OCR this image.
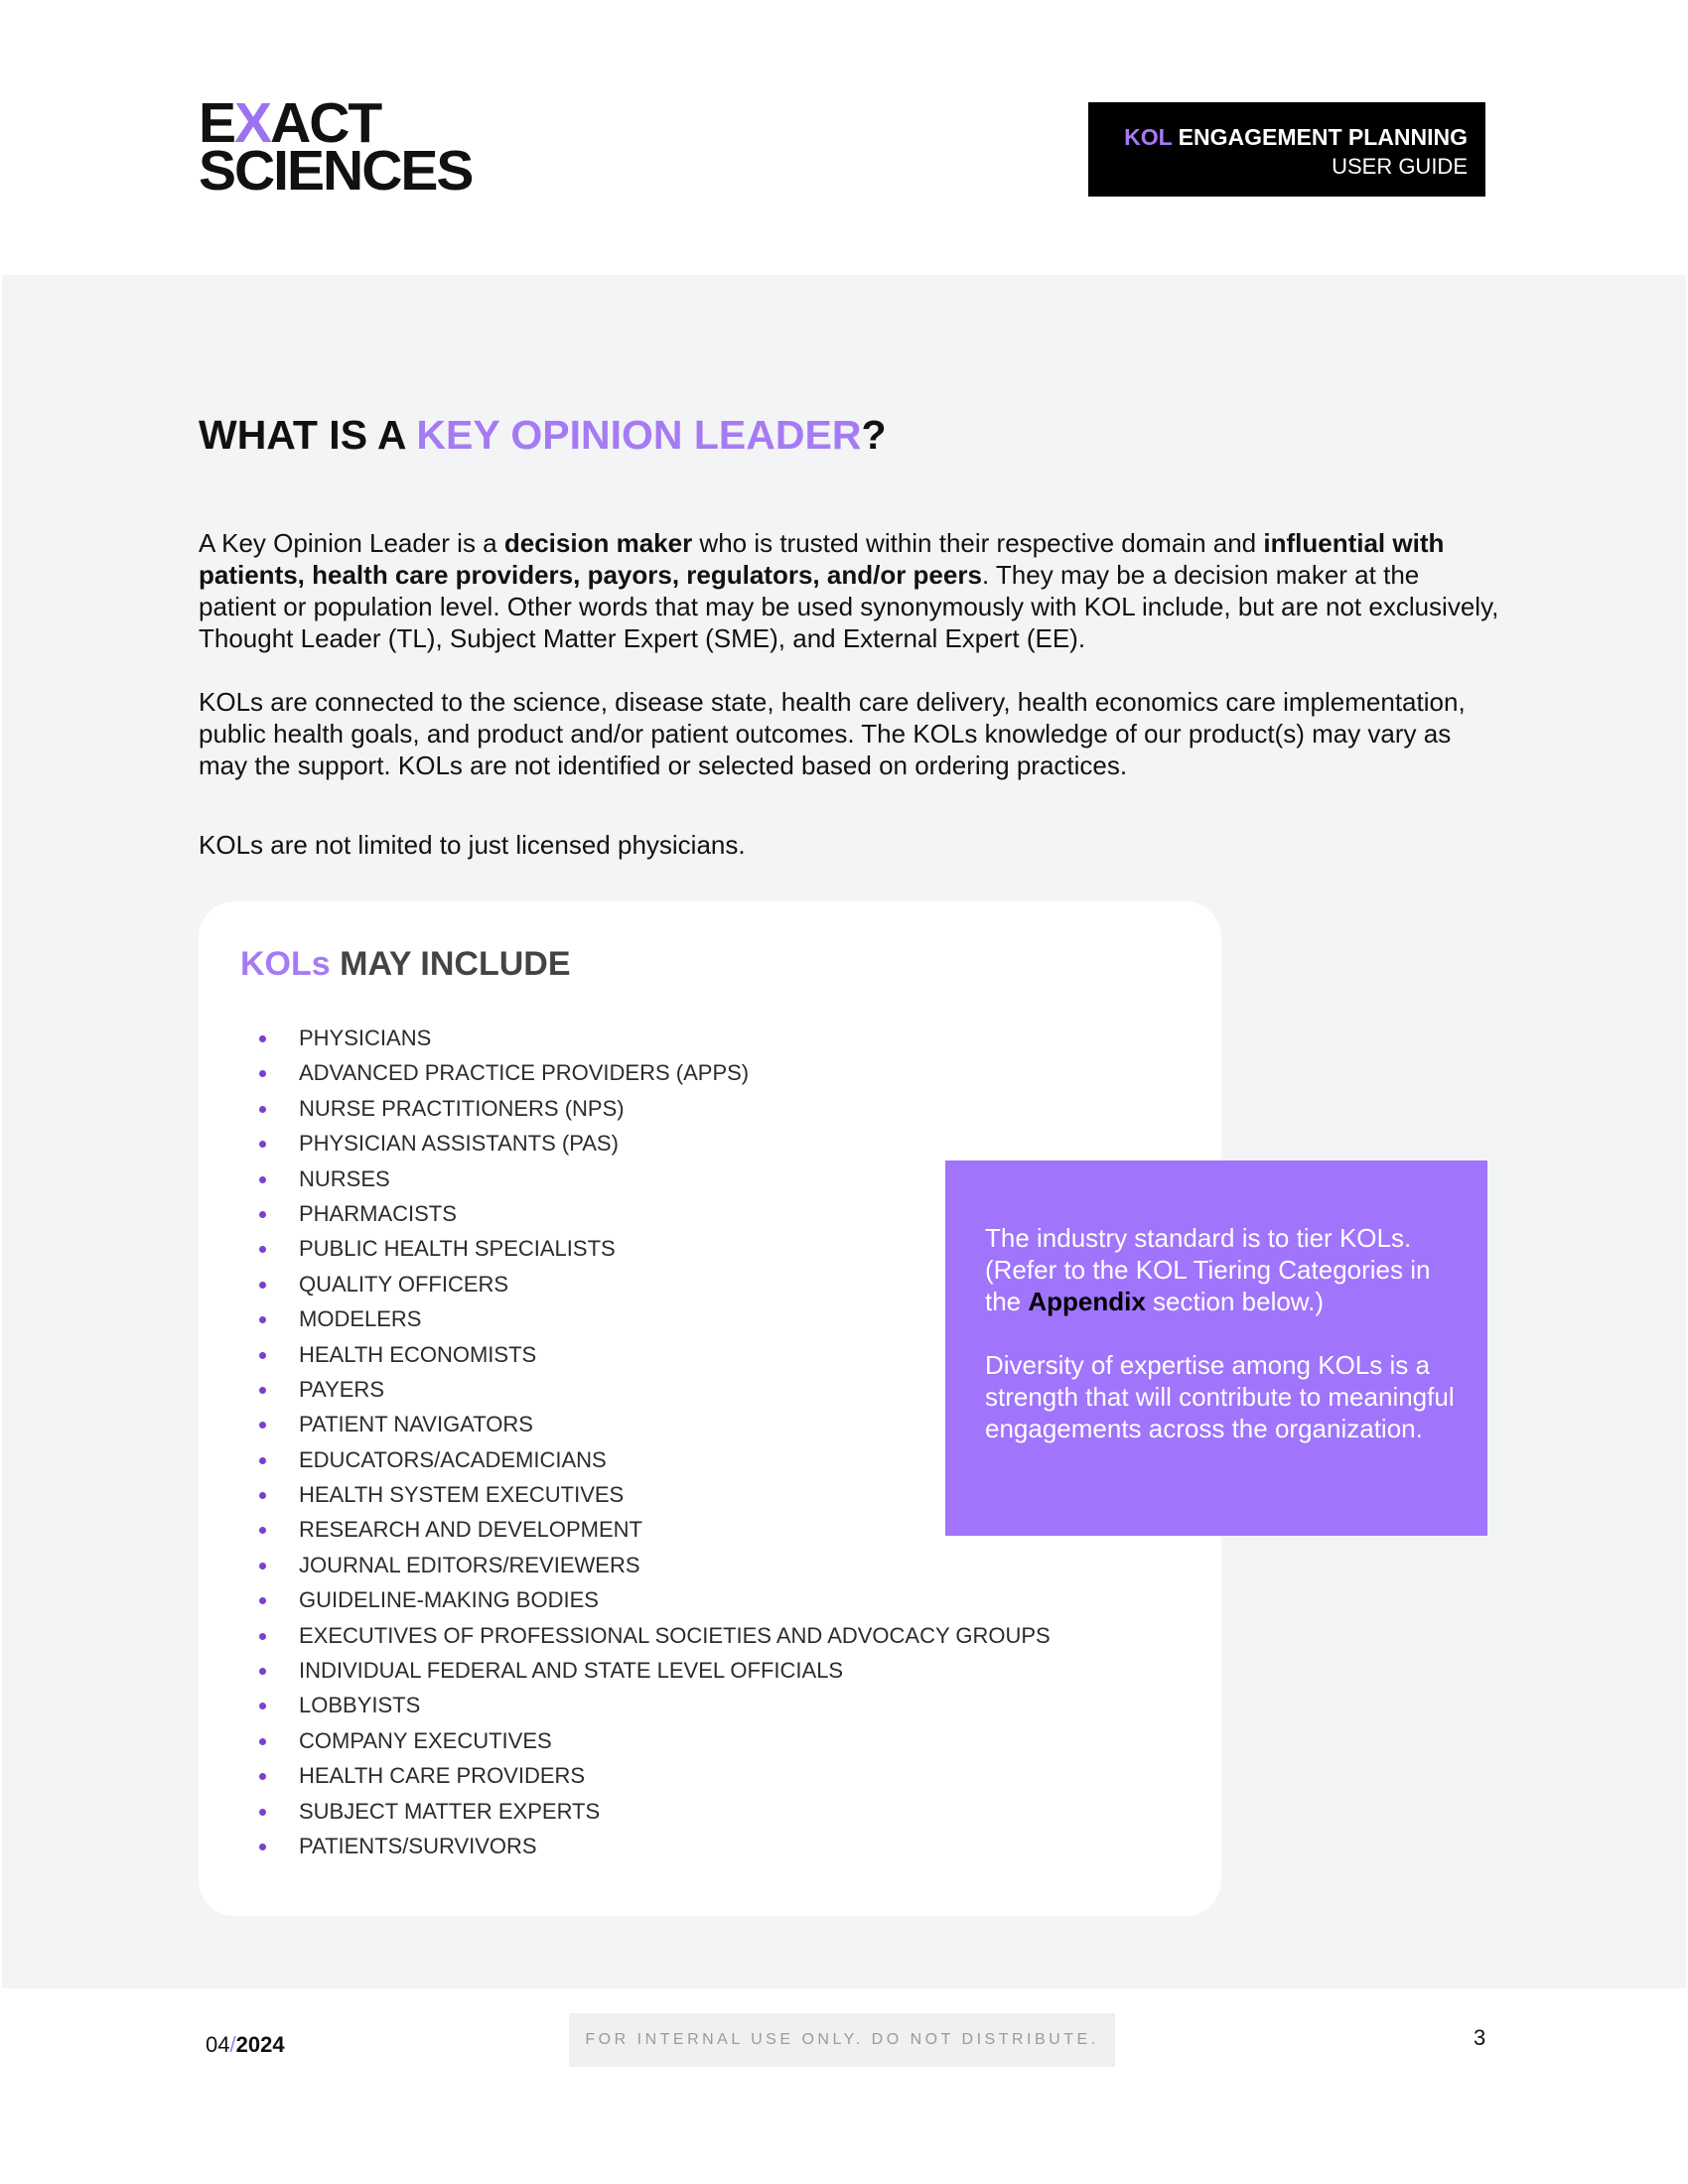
EXACT
SCIENCES
KOL ENGAGEMENT PLANNING
USER GUIDE
WHAT IS A KEY OPINION LEADER?

A Key Opinion Leader is a decision maker who is trusted within their respective domain and influential with patients, health care providers, payors, regulators, and/or peers. They may be a decision maker at the patient or population level. Other words that may be used synonymously with KOL include, but are not exclusively, Thought Leader (TL), Subject Matter Expert (SME), and External Expert (EE).

KOLs are connected to the science, disease state, health care delivery, health economics care implementation, public health goals, and product and/or patient outcomes. The KOLs knowledge of our product(s) may vary as may the support. KOLs are not identified or selected based on ordering practices.

KOLs are not limited to just licensed physicians.

KOLs MAY INCLUDE
PHYSICIANS
ADVANCED PRACTICE PROVIDERS (APPS)
NURSE PRACTITIONERS (NPS)
PHYSICIAN ASSISTANTS (PAS)
NURSES
PHARMACISTS
PUBLIC HEALTH SPECIALISTS
QUALITY OFFICERS
MODELERS
HEALTH ECONOMISTS
PAYERS
PATIENT NAVIGATORS
EDUCATORS/ACADEMICIANS
HEALTH SYSTEM EXECUTIVES
RESEARCH AND DEVELOPMENT
JOURNAL EDITORS/REVIEWERS
GUIDELINE-MAKING BODIES
EXECUTIVES OF PROFESSIONAL SOCIETIES AND ADVOCACY GROUPS
INDIVIDUAL FEDERAL AND STATE LEVEL OFFICIALS
LOBBYISTS
COMPANY EXECUTIVES
HEALTH CARE PROVIDERS
SUBJECT MATTER EXPERTS
PATIENTS/SURVIVORS

The industry standard is to tier KOLs. (Refer to the KOL Tiering Categories in the Appendix section below.)

Diversity of expertise among KOLs is a strength that will contribute to meaningful engagements across the organization.

04/2024	FOR INTERNAL USE ONLY. DO NOT DISTRIBUTE.	3
